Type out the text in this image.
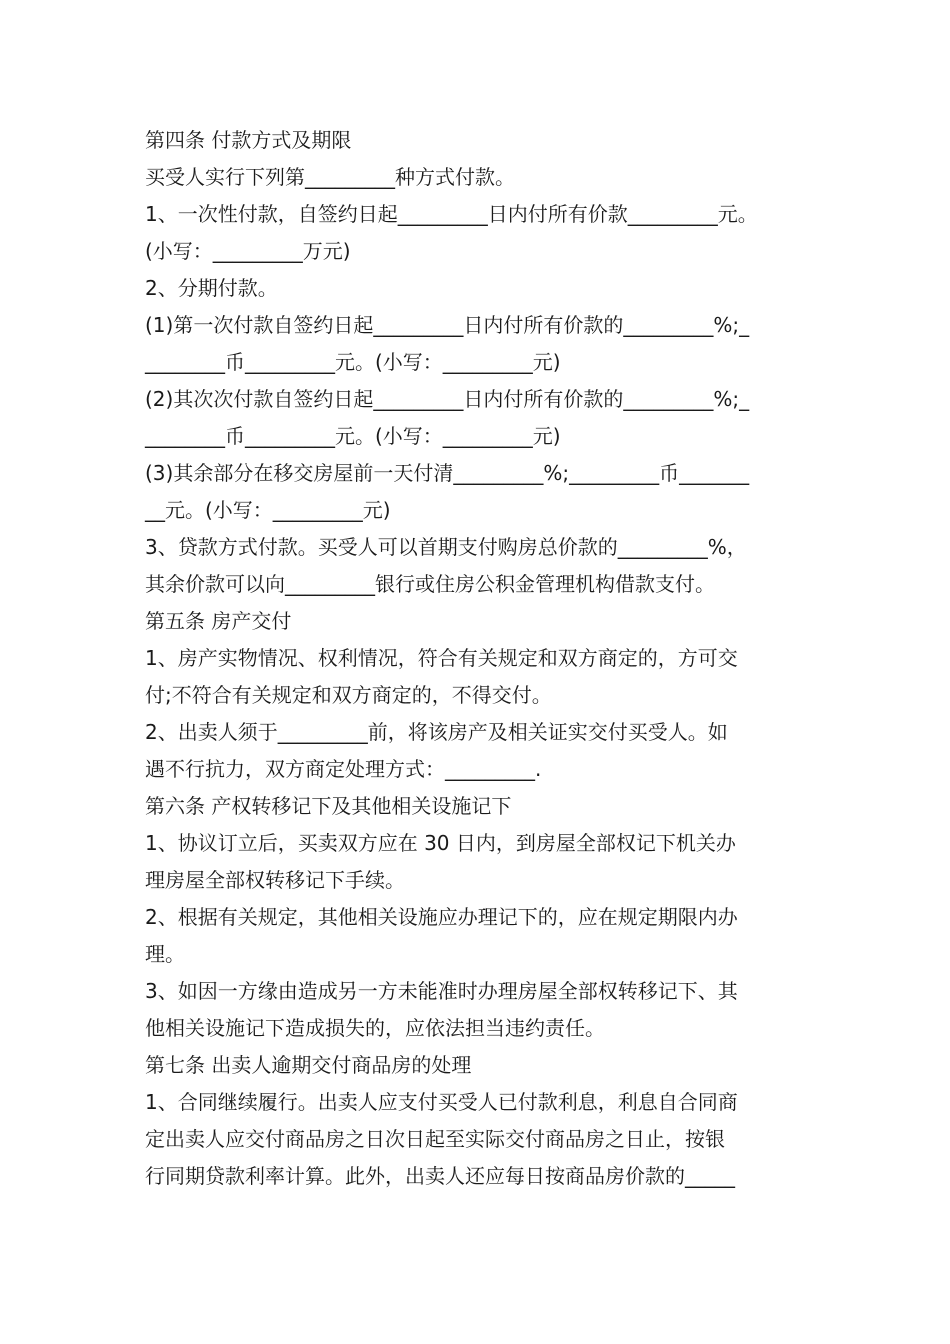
第四条 付款方式及期限
买受人实行下列第_________种方式付款。
1、一次性付款，自签约日起_________日内付所有价款_________元。
(小写：_________万元)
2、分期付款。
(1)第一次付款自签约日起_________日内付所有价款的_________%;_
________币_________元。(小写：_________元)
(2)其次次付款自签约日起_________日内付所有价款的_________%;_
________币_________元。(小写：_________元)
(3)其余部分在移交房屋前一天付清_________%;_________币_______
__元。(小写：_________元)
3、贷款方式付款。买受人可以首期支付购房总价款的_________%，
其余价款可以向_________银行或住房公积金管理机构借款支付。
第五条 房产交付
1、房产实物情况、权利情况，符合有关规定和双方商定的，方可交
付;不符合有关规定和双方商定的，不得交付。
2、出卖人须于_________前，将该房产及相关证实交付买受人。如
遇不行抗力，双方商定处理方式：_________.
第六条 产权转移记下及其他相关设施记下
1、协议订立后，买卖双方应在 30 日内，到房屋全部权记下机关办
理房屋全部权转移记下手续。
2、根据有关规定，其他相关设施应办理记下的，应在规定期限内办
理。
3、如因一方缘由造成另一方未能准时办理房屋全部权转移记下、其
他相关设施记下造成损失的，应依法担当违约责任。
第七条 出卖人逾期交付商品房的处理
1、合同继续履行。出卖人应支付买受人已付款利息，利息自合同商
定出卖人应交付商品房之日次日起至实际交付商品房之日止，按银
行同期贷款利率计算。此外，出卖人还应每日按商品房价款的_____
